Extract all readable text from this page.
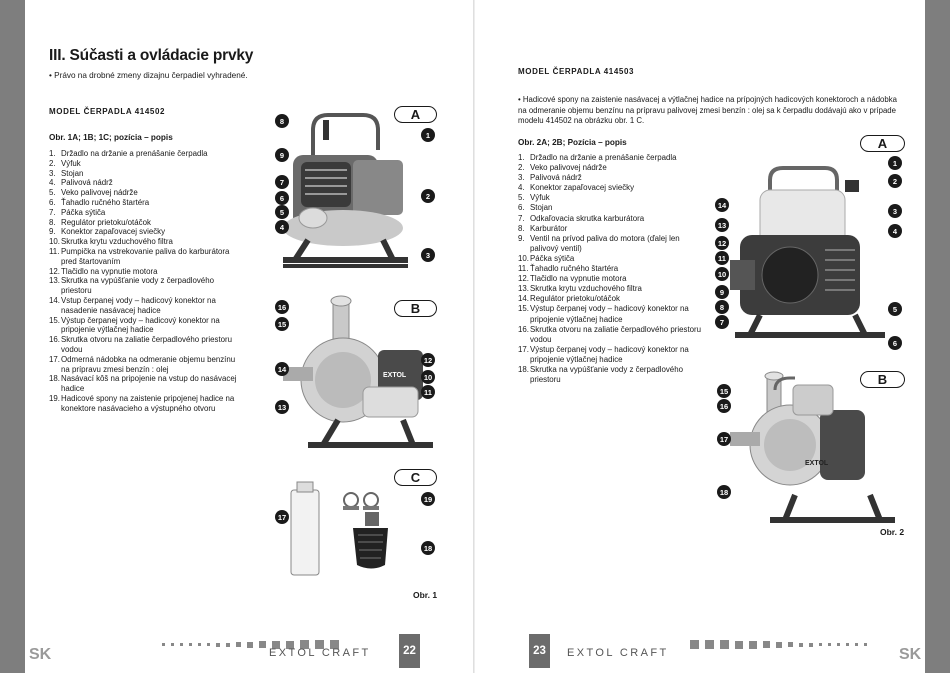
III. Súčasti a ovládacie prvky
• Právo na drobné zmeny dizajnu čerpadiel vyhradené.
MODEL ČERPADLA 414502
Obr. 1A; 1B; 1C; pozícia – popis
1. Držadlo na držanie a prenášanie čerpadla
2. Výfuk
3. Stojan
4. Palivová nádrž
5. Veko palivovej nádrže
6. Ťahadlo ručného štartéra
7. Páčka sýtiča
8. Regulátor prietoku/otáčok
9. Konektor zapaľovacej sviečky
10. Skrutka krytu vzduchového filtra
11. Pumpička na vstrekovanie paliva do karburátora pred štartovaním
12. Tlačidlo na vypnutie motora
13. Skrutka na vypúšťanie vody z čerpadlového priestoru
14. Vstup čerpanej vody – hadicový konektor na nasadenie nasávacej hadice
15. Výstup čerpanej vody – hadicový konektor na pripojenie výtlačnej hadice
16. Skrutka otvoru na zaliatie čerpadlového priestoru vodou
17. Odmerná nádobka na odmeranie objemu benzínu na prípravu zmesi benzín : olej
18. Nasávací kôš na pripojenie na vstup do nasávacej hadice
19. Hadicové spony na zaistenie pripojenej hadice na konektore nasávacieho a výstupného otvoru
8
9
7
6
5
4
1
2
3
A
EXTOL
16
15
14
13
12
10
11
B
17
19
18
C
Obr. 1
SK	EXTOL CRAFT	22
MODEL ČERPADLA 414503
• Hadicové spony na zaistenie nasávacej a výtlačnej hadice na prípojných hadicových konektoroch a nádobka na odmeranie objemu benzínu na prípravu palivovej zmesi benzín : olej sa k čerpadlu dodávajú ako v prípade modelu 414502 na obrázku obr. 1 C.
Obr. 2A; 2B; Pozícia – popis
1. Držadlo na držanie a prenášanie čerpadla
2. Veko palivovej nádrže
3. Palivová nádrž
4. Konektor zapaľovacej sviečky
5. Výfuk
6. Stojan
7. Odkaľovacia skrutka karburátora
8. Karburátor
9. Ventil na prívod paliva do motora (ďalej len palivový ventil)
10. Páčka sýtiča
11. Ťahadlo ručného štartéra
12. Tlačidlo na vypnutie motora
13. Skrutka krytu vzduchového filtra
14. Regulátor prietoku/otáčok
15. Výstup čerpanej vody – hadicový konektor na pripojenie výtlačnej hadice
16. Skrutka otvoru na zaliatie čerpadlového priestoru vodou
17. Výstup čerpanej vody – hadicový konektor na pripojenie výtlačnej hadice
18. Skrutka na vypúšťanie vody z čerpadlového priestoru
14
13
12
11
10
9
8
7
1
2
3
4
5
6
A
EXTOL
15
16
17
18
B
Obr. 2
23	EXTOL CRAFT	SK
